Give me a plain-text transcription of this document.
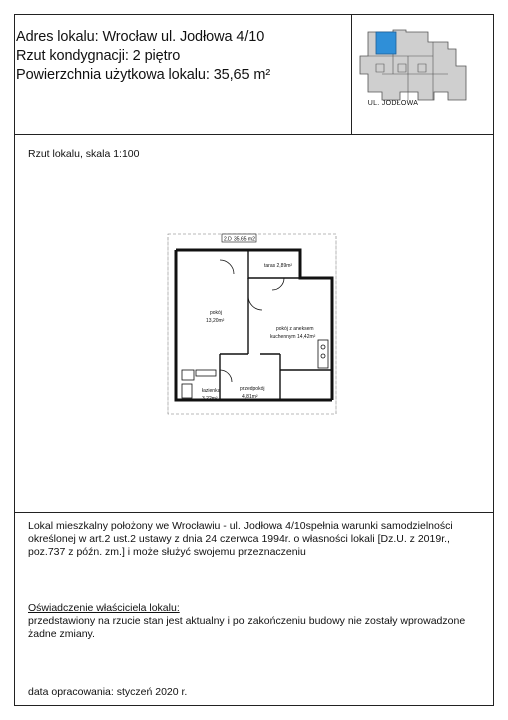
Adres lokalu: Wrocław ul. Jodłowa 4/10
Rzut kondygnacji: 2 piętro
Powierzchnia użytkowa lokalu: 35,65 m²
UL. JODŁOWA
Rzut lokalu, skala 1:100
2.D 35.65 m2
taras 2,89m²
pokój
13,20m²
pokój z aneksem
kuchennym 14,42m²
łazienka
3,22m²
przedpokój
4,81m²
Lokal mieszkalny położony we Wrocławiu - ul. Jodłowa 4/10spełnia warunki samodzielności określonej w art.2 ust.2 ustawy z dnia 24 czerwca 1994r. o własności lokali [Dz.U. z 2019r., poz.737 z późn. zm.] i może służyć swojemu przeznaczeniu
Oświadczenie właściciela lokalu:
przedstawiony na rzucie stan jest aktualny i po zakończeniu budowy nie zostały wprowadzone żadne zmiany.
data opracowania: styczeń 2020 r.
